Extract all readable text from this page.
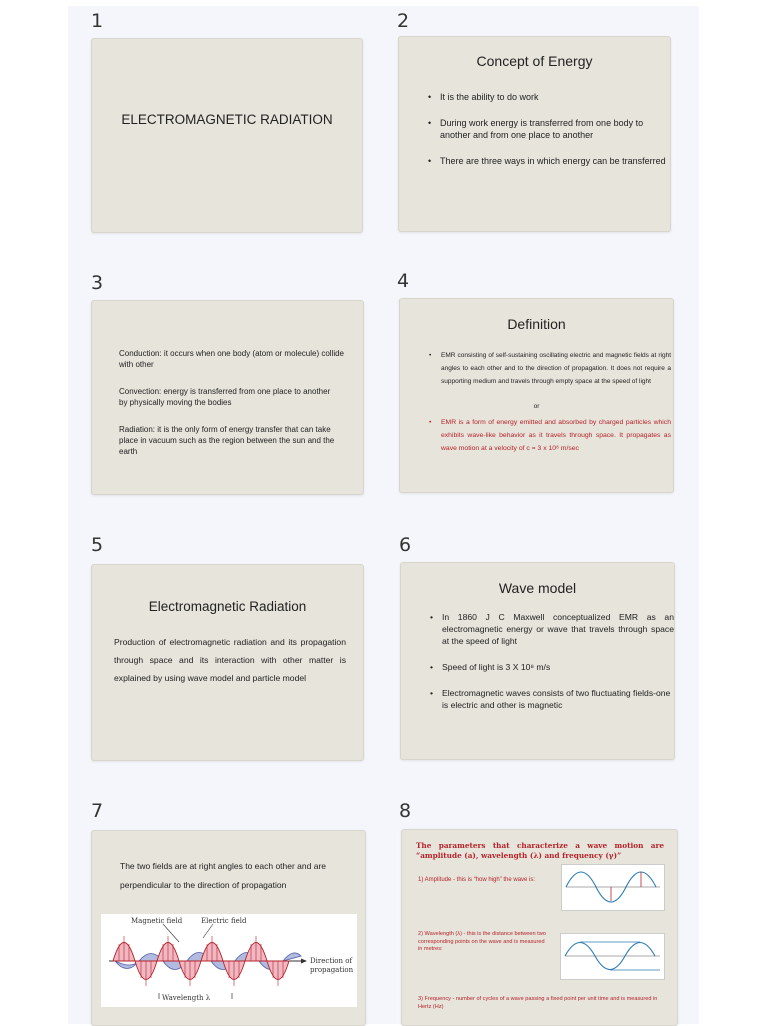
1
ELECTROMAGNETIC RADIATION
2
Concept of Energy
• It is the ability to do work
• During work energy is transferred from one body to another and from one place to another
• There are three ways in which energy can be transferred
3
Conduction: it occurs when one body (atom or molecule) collide with other
Convection: energy is transferred from one place to another by physically moving the bodies
Radiation: it is the only form of energy transfer that can take place in vacuum such as the region between the sun and the earth
4
Definition
• EMR consisting of self-sustaining oscillating electric and magnetic fields at right angles to each other and to the direction of propagation. It does not require a supporting medium and travels through empty space at the speed of light
or
• EMR is a form of energy emitted and absorbed by charged particles which exhibits wave-like behavior as it travels through space. It propagates as wave motion at a velocity of c = 3 x 10⁸ m/sec
5
Electromagnetic Radiation
Production of electromagnetic radiation and its propagation through space and its interaction with other matter is explained by using wave model and particle model
6
Wave model
• In 1860 J C Maxwell conceptualized EMR as an electromagnetic energy or wave that travels through space at the speed of light
• Speed of light is 3 X 10⁸ m/s
• Electromagnetic waves consists of two fluctuating fields-one is electric and other is magnetic
7
The two fields are at right angles to each other and are perpendicular to the direction of propagation
Magnetic field	Electric field
Direction of
propagation
Wavelength λ
8
The parameters that characterize a wave motion are “amplitude (a), wavelength (λ) and frequency (γ)”
1) Amplitude - this is “how high” the wave is:
2) Wavelength (λ) - this is the distance between two corresponding points on the wave and is measured in metres:
3) Frequency - number of cycles of a wave passing a fixed point per unit time and is measured in Hertz (Hz)
